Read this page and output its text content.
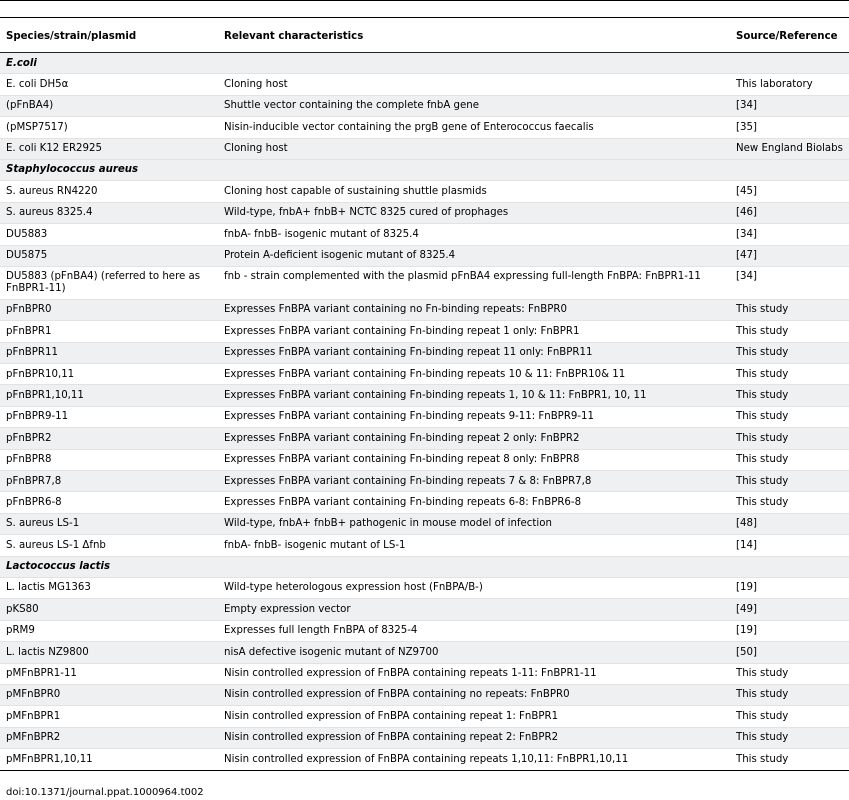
Species/strain/plasmid	Relevant characteristics	Source/Reference
E.coli		
E. coli DH5α	Cloning host	This laboratory
(pFnBA4)	Shuttle vector containing the complete fnbA gene	[34]
(pMSP7517)	Nisin-inducible vector containing the prgB gene of Enterococcus faecalis	[35]
E. coli K12 ER2925	Cloning host	New England Biolabs
Staphylococcus aureus		
S. aureus RN4220	Cloning host capable of sustaining shuttle plasmids	[45]
S. aureus 8325.4	Wild-type, fnbA+ fnbB+ NCTC 8325 cured of prophages	[46]
DU5883	fnbA- fnbB- isogenic mutant of 8325.4	[34]
DU5875	Protein A-deficient isogenic mutant of 8325.4	[47]
DU5883 (pFnBA4) (referred to here as FnBPR1-11)	fnb - strain complemented with the plasmid pFnBA4 expressing full-length FnBPA: FnBPR1-11	[34]
pFnBPR0	Expresses FnBPA variant containing no Fn-binding repeats: FnBPR0	This study
pFnBPR1	Expresses FnBPA variant containing Fn-binding repeat 1 only: FnBPR1	This study
pFnBPR11	Expresses FnBPA variant containing Fn-binding repeat 11 only: FnBPR11	This study
pFnBPR10,11	Expresses FnBPA variant containing Fn-binding repeats 10 & 11: FnBPR10& 11	This study
pFnBPR1,10,11	Expresses FnBPA variant containing Fn-binding repeats 1, 10 & 11: FnBPR1, 10, 11	This study
pFnBPR9-11	Expresses FnBPA variant containing Fn-binding repeats 9-11: FnBPR9-11	This study
pFnBPR2	Expresses FnBPA variant containing Fn-binding repeat 2 only: FnBPR2	This study
pFnBPR8	Expresses FnBPA variant containing Fn-binding repeat 8 only: FnBPR8	This study
pFnBPR7,8	Expresses FnBPA variant containing Fn-binding repeats 7 & 8: FnBPR7,8	This study
pFnBPR6-8	Expresses FnBPA variant containing Fn-binding repeats 6-8: FnBPR6-8	This study
S. aureus LS-1	Wild-type, fnbA+ fnbB+ pathogenic in mouse model of infection	[48]
S. aureus LS-1 Δfnb	fnbA- fnbB- isogenic mutant of LS-1	[14]
Lactococcus lactis		
L. lactis MG1363	Wild-type heterologous expression host (FnBPA/B-)	[19]
pKS80	Empty expression vector	[49]
pRM9	Expresses full length FnBPA of 8325-4	[19]
L. lactis NZ9800	nisA defective isogenic mutant of NZ9700	[50]
pMFnBPR1-11	Nisin controlled expression of FnBPA containing repeats 1-11: FnBPR1-11	This study
pMFnBPR0	Nisin controlled expression of FnBPA containing no repeats: FnBPR0	This study
pMFnBPR1	Nisin controlled expression of FnBPA containing repeat 1: FnBPR1	This study
pMFnBPR2	Nisin controlled expression of FnBPA containing repeat 2: FnBPR2	This study
pMFnBPR1,10,11	Nisin controlled expression of FnBPA containing repeats 1,10,11: FnBPR1,10,11	This study
doi:10.1371/journal.ppat.1000964.t002
